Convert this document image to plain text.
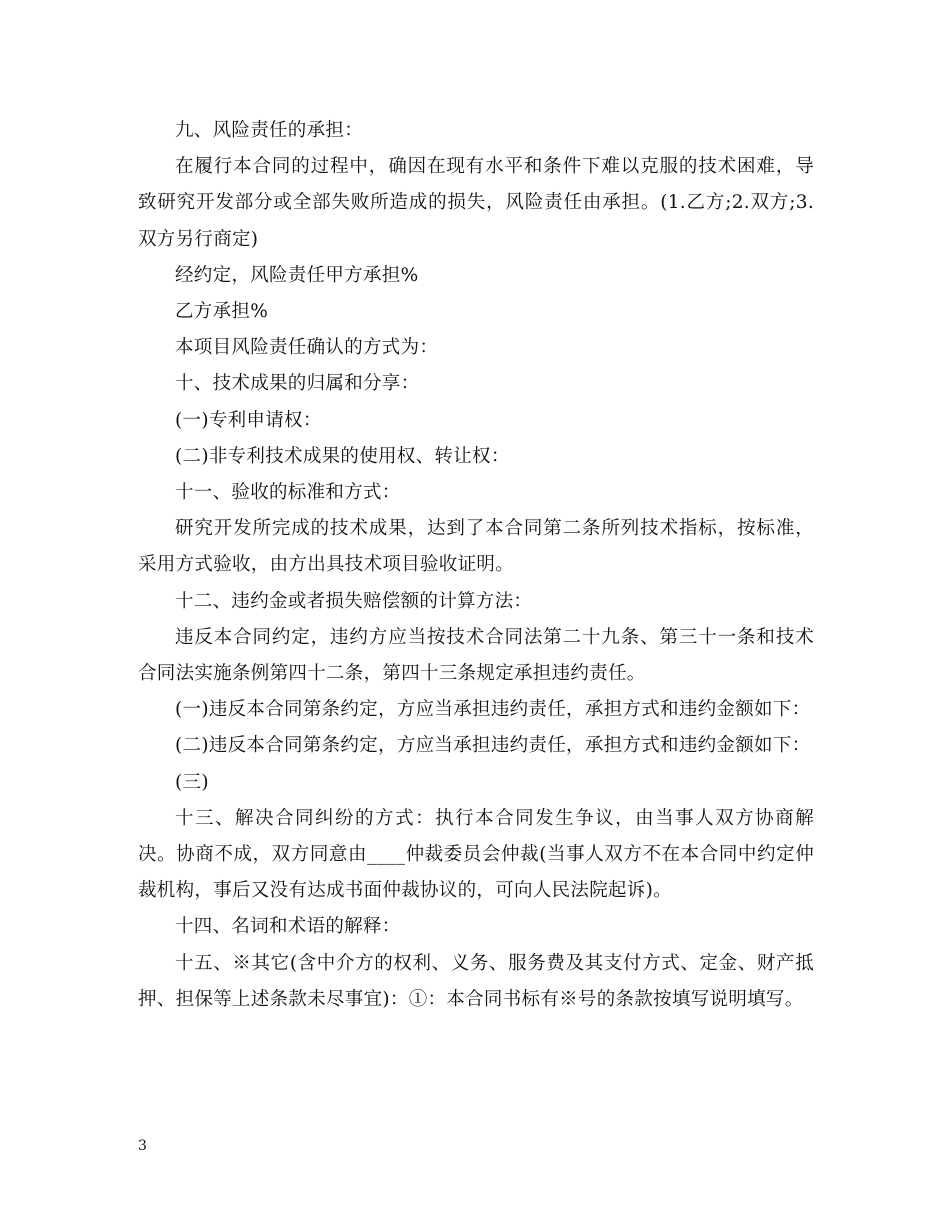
九、风险责任的承担：

在履行本合同的过程中，确因在现有水平和条件下难以克服的技术困难，导致研究开发部分或全部失败所造成的损失，风险责任由承担。(1.乙方;2.双方;3.双方另行商定)

经约定，风险责任甲方承担%

乙方承担%

本项目风险责任确认的方式为：

十、技术成果的归属和分享：

(一)专利申请权：

(二)非专利技术成果的使用权、转让权：

十一、验收的标准和方式：

研究开发所完成的技术成果，达到了本合同第二条所列技术指标，按标准，采用方式验收，由方出具技术项目验收证明。

十二、违约金或者损失赔偿额的计算方法：

违反本合同约定，违约方应当按技术合同法第二十九条、第三十一条和技术合同法实施条例第四十二条，第四十三条规定承担违约责任。

(一)违反本合同第条约定，方应当承担违约责任，承担方式和违约金额如下：

(二)违反本合同第条约定，方应当承担违约责任，承担方式和违约金额如下：

(三)

十三、解决合同纠纷的方式：执行本合同发生争议，由当事人双方协商解决。协商不成，双方同意由____仲裁委员会仲裁(当事人双方不在本合同中约定仲裁机构，事后又没有达成书面仲裁协议的，可向人民法院起诉)。

十四、名词和术语的解释：

十五、※其它(含中介方的权利、义务、服务费及其支付方式、定金、财产抵押、担保等上述条款未尽事宜)：①：本合同书标有※号的条款按填写说明填写。

3
